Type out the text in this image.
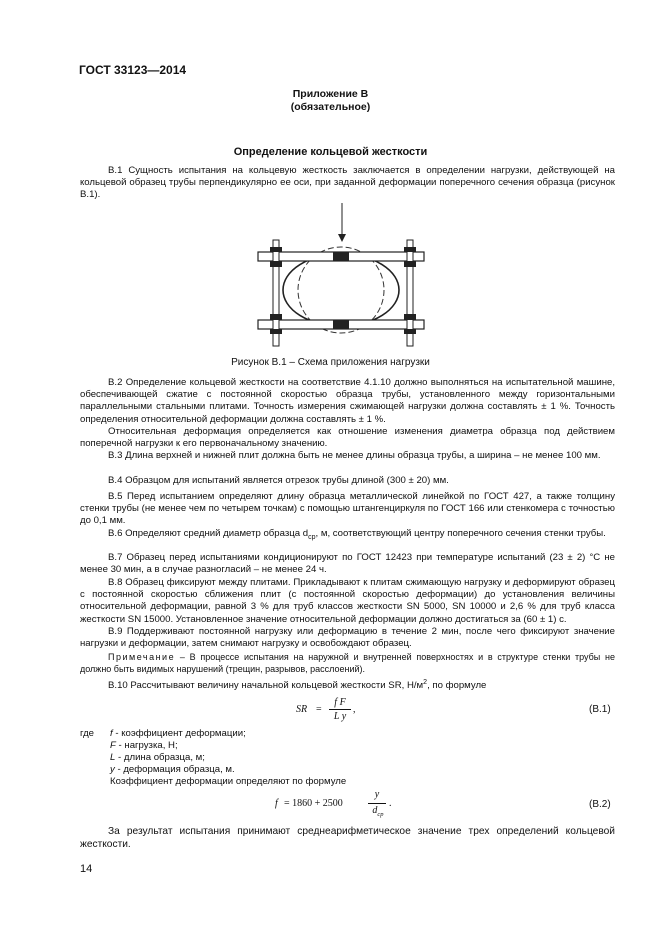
ГОСТ 33123—2014
Приложение В
(обязательное)
Определение кольцевой жесткости

В.1 Сущность испытания на кольцевую жесткость заключается в определении нагрузки, действующей на кольцевой образец трубы перпендикулярно ее оси, при заданной деформации поперечного сечения образца (рисунок В.1).

Рисунок В.1 – Схема приложения нагрузки

В.2 Определение кольцевой жесткости на соответствие 4.1.10 должно выполняться на испытательной машине, обеспечивающей сжатие с постоянной скоростью образца трубы, установленного между горизонтальными параллельными стальными плитами. Точность измерения сжимающей нагрузки должна составлять ± 1 %. Точность определения относительной деформации должна составлять ± 1 %.

Относительная деформация определяется как отношение изменения диаметра образца под действием поперечной нагрузки к его первоначальному значению.

В.3 Длина верхней и нижней плит должна быть не менее длины образца трубы, а ширина – не менее 100 мм.

В.4 Образцом для испытаний является отрезок трубы длиной (300 ± 20) мм.

В.5 Перед испытанием определяют длину образца металлической линейкой по ГОСТ 427, а также толщину стенки трубы (не менее чем по четырем точкам) с помощью штангенциркуля по ГОСТ 166 или стенкомера с точностью до 0,1 мм.

В.6 Определяют средний диаметр образца $d_{ср}$, м, соответствующий центру поперечного сечения стенки трубы.

В.7 Образец перед испытаниями кондиционируют по ГОСТ 12423 при температуре испытаний (23 ± 2) °С не менее 30 мин, а в случае разногласий – не менее 24 ч.

В.8 Образец фиксируют между плитами. Прикладывают к плитам сжимающую нагрузку и деформируют образец с постоянной скоростью сближения плит (с постоянной скоростью деформации) до установления величины относительной деформации, равной 3 % для труб классов жесткости SN 5000, SN 10000 и 2,6 % для труб класса жесткости SN 15000. Установленное значение относительной деформации должно достигаться за (60 ± 1) с.

В.9 Поддерживают постоянной нагрузку или деформацию в течение 2 мин, после чего фиксируют значение нагрузки и деформации, затем снимают нагрузку и освобождают образец.

Примечание – В процессе испытания на наружной и внутренней поверхностях и в структуре стенки трубы не должно быть видимых нарушений (трещин, разрывов, расслоений).

В.10 Рассчитывают величину начальной кольцевой жесткости SR, $Н/м^2$, по формуле

SR =
f F
L y
,	(В.1)
где f - коэффициент деформации;
F - нагрузка, Н;
L - длина образца, м;
y - деформация образца, м.
Коэффициент деформации определяют по формуле
f = 1860 + 2500
y
$d_{ср}$
.	(В.2)

За результат испытания принимают среднеарифметическое значение трех определений кольцевой жесткости.

14
